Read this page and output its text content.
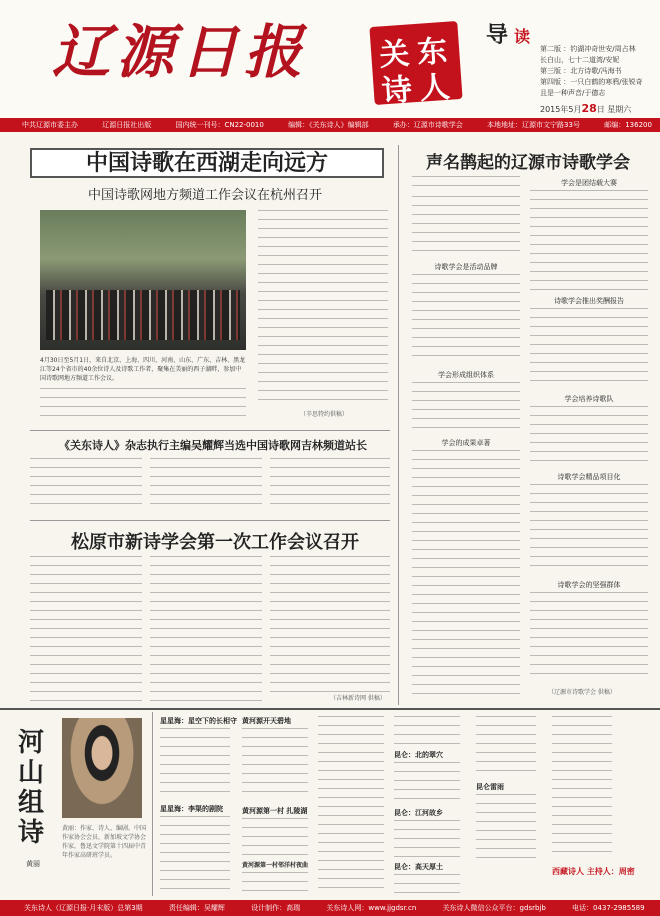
辽源日报	关 东
诗 人
导 读
第二版 ：钓湖冲奇世安/周占林
长白山，七十二道湾/安妮
第三版 ：北方诗歌/冯海书
第四版 ：一只白鹤的寒鸦/张锐奇
且是一种声音/于德志
2015年5月28日 星期六
中共辽源市委主办	辽源日报社出版	国内统一刊号：CN22-0010	编辑：《关东诗人》编辑部	承办：辽源市诗歌学会	本地地址：辽源市文宁路33号	邮编：136200
中国诗歌在西湖走向远方
中国诗歌网地方频道工作会议在杭州召开
4月30日至5月1日，来自北京、上海、四川、河南、山东、广东、吉林、黑龙江等24个省市的40余位诗人及诗歌工作者，聚集在美丽的西子湖畔，参加中国诗歌网地方频道工作会议。
（辛思特约供稿）
声名鹊起的辽源市诗歌学会
学会是团结载大赛
诗歌学会是活动品牌
诗歌学会推出奖酬报告
学会形成组织体系
学会培养诗歌队
学会的成果卓著
诗歌学会精品项目化
诗歌学会的坚强群体
（辽源市诗歌学会 供稿）
《关东诗人》杂志执行主编吴耀辉当选中国诗歌网吉林频道站长
松原市新诗学会第一次工作会议召开
（吉林新诗网 供稿）
河山组诗
黄丽
黄丽：作家、诗人、编剧。中国作家协会会员，新加坡文学协会作家，鲁迅文学院第十四届中青年作家高研班学员。
星星海：星空下的长相守
星星海：李渠的剧院
黄河源开天碧地
黄河源第一村 扎陵湖
黄河源第一村邻洋村夜曲
昆仑：北的翠穴
昆仑：江河故乡
昆仑：高天厚土
昆仑雷雨
西藏诗人 主持人：周密
关东诗人（辽源日报·月末版）总第3期	责任编辑：吴耀辉	设计制作：高瑞	关东诗人网：www.jjgdsr.cn	关东诗人微信公众平台：gdsrbjb	电话：0437-2985589
